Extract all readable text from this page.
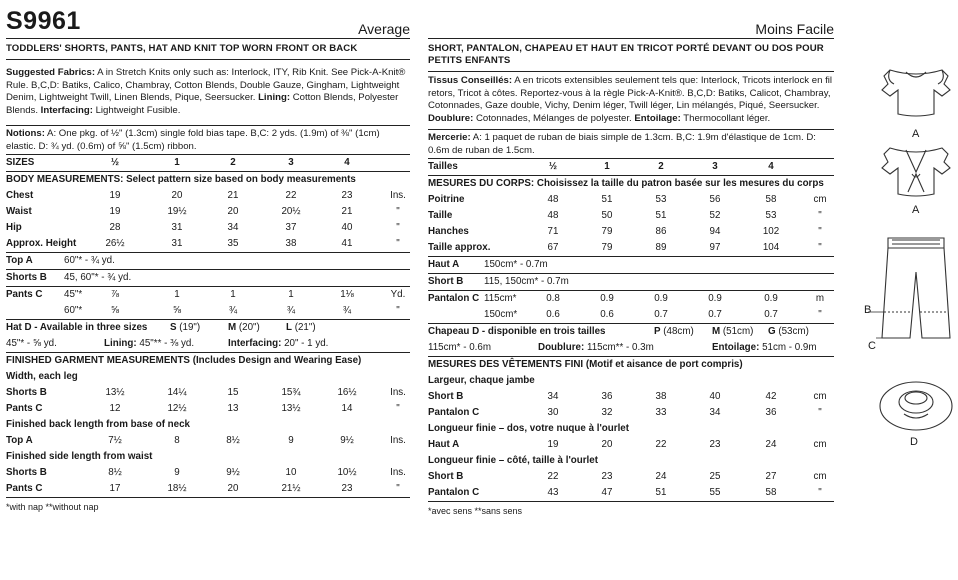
S9961	Average
TODDLERS' SHORTS, PANTS, HAT AND KNIT TOP WORN FRONT OR BACK
Suggested Fabrics: A in Stretch Knits only such as: Interlock, ITY, Rib Knit. See Pick-A-Knit® Rule. B,C,D: Batiks, Calico, Chambray, Cotton Blends, Double Gauze, Gingham, Lightweight Denim, Lightweight Twill, Linen Blends, Pique, Seersucker. Lining: Cotton Blends, Polyester Blends. Interfacing: Lightweight Fusible.
Notions: A: One pkg. of ½" (1.3cm) single fold bias tape. B,C: 2 yds. (1.9m) of ⅜" (1cm) elastic. D: ¾ yd. (0.6m) of ⅝" (1.5cm) ribbon.
SIZES	½	1	2	3	4
BODY MEASUREMENTS: Select pattern size based on body measurements
Chest	19	20	21	22	23	Ins.
Waist	19	19½	20	20½	21	"
Hip	28	31	34	37	40	"
Approx. Height	26½	31	35	38	41	"
Top A	60"* - ¾ yd.
Shorts B 45, 60"* - ¾ yd.
Pants C 45"*	⅞	1	1	1	1⅛	Yd.
60"*	⅝	⅝	¾	¾	¾	"
Hat D - Available in three sizes S (19")	M (20")	L (21")
45"* - ⅝ yd.	Lining: 45"** - ⅜ yd.	Interfacing: 20" - 1 yd.
FINISHED GARMENT MEASUREMENTS (Includes Design and Wearing Ease)
Width, each leg
Shorts B	13½	14¼	15	15¾	16½	Ins.
Pants C	12	12½	13	13½	14	"
Finished back length from base of neck
Top A	7½	8	8½	9	9½	Ins.
Finished side length from waist
Shorts B	8½	9	9½	10	10½	Ins.
Pants C	17	18½	20	21½	23	"
*with nap **without nap
Moins Facile
SHORT, PANTALON, CHAPEAU ET HAUT EN TRICOT PORTÉ DEVANT OU DOS POUR PETITS ENFANTS
Tissus Conseillés: A en tricots extensibles seulement tels que: Interlock, Tricots interlock en fil retors, Tricot à côtes. Reportez-vous à la règle Pick-A-Knit®. B,C,D: Batiks, Calicot, Chambray, Cotonnades, Gaze double, Vichy, Denim léger, Twill léger, Lin mélangés, Piqué, Seersucker. Doublure: Cotonnades, Mélanges de polyester. Entoilage: Thermocollant léger.
Mercerie: A: 1 paquet de ruban de biais simple de 1.3cm. B,C: 1.9m d'élastique de 1cm. D: 0.6m de ruban de 1.5cm.
Tailles	½	1	2	3	4
MESURES DU CORPS: Choisissez la taille du patron basée sur les mesures du corps
Poitrine	48	51	53	56	58	cm
Taille	48	50	51	52	53	"
Hanches	71	79	86	94	102	"
Taille approx.	67	79	89	97	104	"
Haut A	150cm* - 0.7m
Short B 115, 150cm* - 0.7m
Pantalon C 115cm*	0.8	0.9	0.9	0.9	0.9	m
150cm*	0.6	0.6	0.7	0.7	0.7	"
Chapeau D - disponible en trois tailles	P (48cm) M (51cm) G (53cm)
115cm* - 0.6m	Doublure: 115cm** - 0.3m	Entoilage: 51cm - 0.9m
MESURES DES VÊTEMENTS FINI (Motif et aisance de port compris)
Largeur, chaque jambe
Short B	34	36	38	40	42	cm
Pantalon C	30	32	33	34	36	"
Longueur finie – dos, votre nuque à l'ourlet
Haut A	19	20	22	23	24	cm
Longueur finie – côté, taille à l'ourlet
Short B	22	23	24	25	27	cm
Pantalon C	43	47	51	55	58	"
*avec sens **sans sens
A
A
B
C
D
